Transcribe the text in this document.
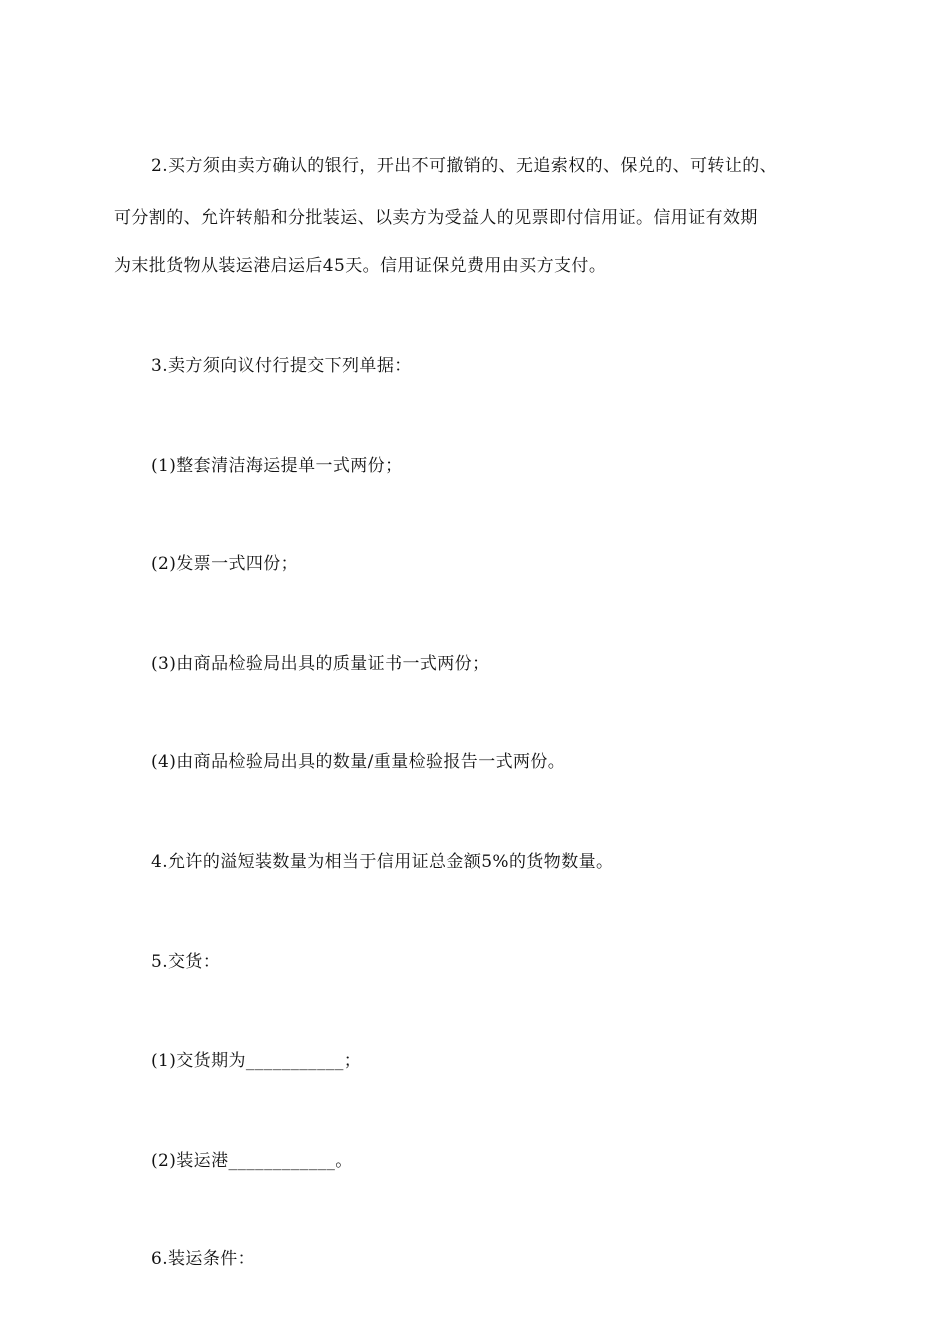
2.买方须由卖方确认的银行，开出不可撤销的、无追索权的、保兑的、可转让的、
可分割的、允许转船和分批装运、以卖方为受益人的见票即付信用证。信用证有效期
为末批货物从装运港启运后45天。信用证保兑费用由买方支付。
3.卖方须向议付行提交下列单据：
(1)整套清洁海运提单一式两份；
(2)发票一式四份；
(3)由商品检验局出具的质量证书一式两份；
(4)由商品检验局出具的数量/重量检验报告一式两份。
4.允许的溢短装数量为相当于信用证总金额5%的货物数量。
5.交货：
(1)交货期为___________；
(2)装运港____________。
6.装运条件：
